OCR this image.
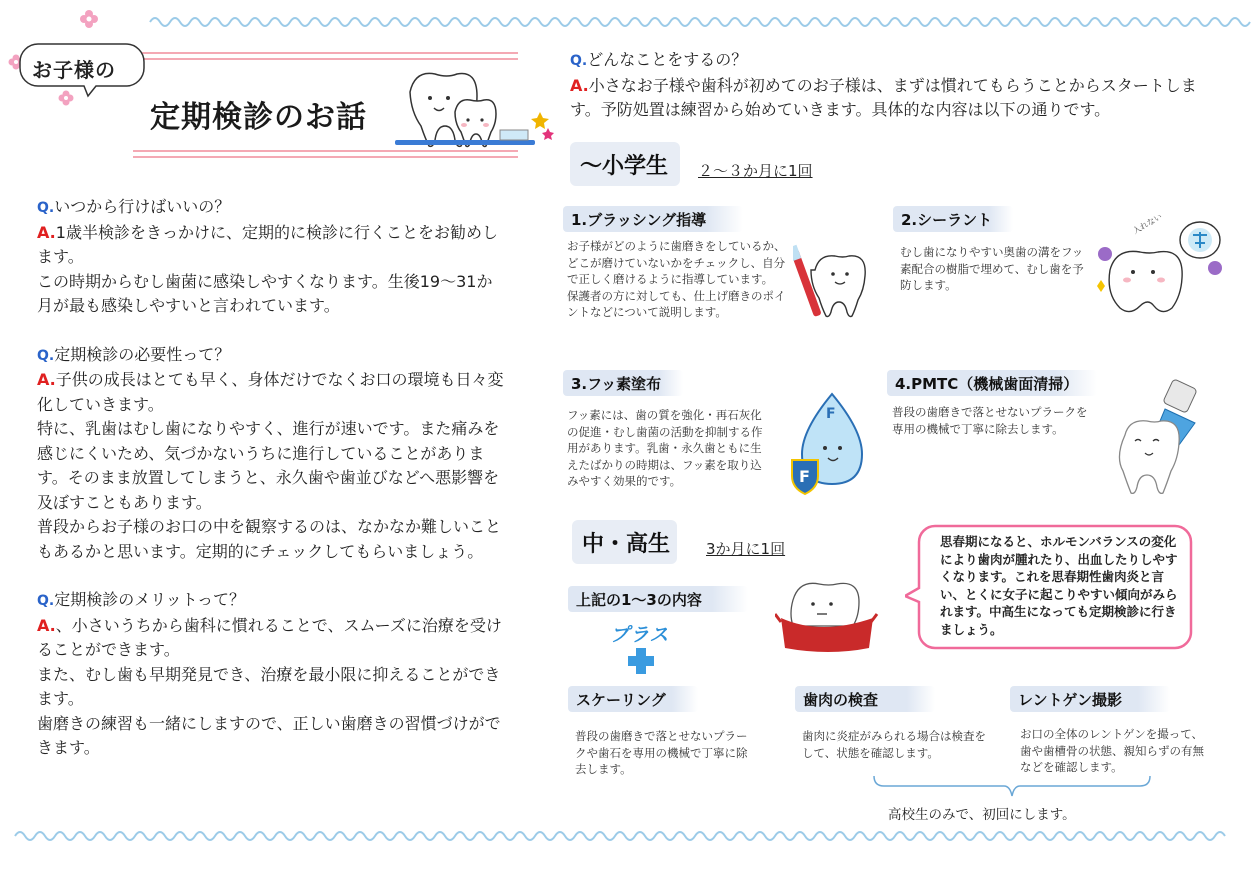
お子様の
定期検診のお話
Q.いつから行けばいいの？
A.1歳半検診をきっかけに、定期的に検診に行くことをお勧めします。
この時期からむし歯菌に感染しやすくなります。生後19～31か月が最も感染しやすいと言われています。
Q.定期検診の必要性って？
A.子供の成長はとても早く、身体だけでなくお口の環境も日々変化していきます。
特に、乳歯はむし歯になりやすく、進行が速いです。また痛みを感じにくいため、気づかないうちに進行していることがあります。そのまま放置してしまうと、永久歯や歯並びなどへ悪影響を及ぼすこともあります。
普段からお子様のお口の中を観察するのは、なかなか難しいこともあるかと思います。定期的にチェックしてもらいましょう。
Q.定期検診のメリットって？
A.、小さいうちから歯科に慣れることで、スムーズに治療を受けることができます。
また、むし歯も早期発見でき、治療を最小限に抑えることができます。
歯磨きの練習も一緒にしますので、正しい歯磨きの習慣づけができます。
Q.どんなことをするの？
A.小さなお子様や歯科が初めてのお子様は、まずは慣れてもらうことからスタートします。予防処置は練習から始めていきます。具体的な内容は以下の通りです。
～小学生 ２～３か月に1回
1.ブラッシング指導
お子様がどのように歯磨きをしているか、どこが磨けていないかをチェックし、自分で正しく磨けるように指導しています。
保護者の方に対しても、仕上げ磨きのポイントなどについて説明します。
2.シーラント
むし歯になりやすい奥歯の溝をフッ素配合の樹脂で埋めて、むし歯を予防します。
入れない
3.フッ素塗布
フッ素には、歯の質を強化・再石灰化の促進・むし歯菌の活動を抑制する作用があります。乳歯・永久歯ともに生えたばかりの時期は、フッ素を取り込みやすく効果的です。
F
F
4.PMTC（機械歯面清掃）
普段の歯磨きで落とせないプラークを専用の機械で丁寧に除去します。
中・高生 3か月に1回
上記の1～3の内容
プラス
思春期になると、ホルモンバランスの変化により歯肉が腫れたり、出血したりしやすくなります。これを思春期性歯肉炎と言い、とくに女子に起こりやすい傾向がみられます。中高生になっても定期検診に行きましょう。
スケーリング
普段の歯磨きで落とせないプラークや歯石を専用の機械で丁寧に除去します。
歯肉の検査
歯肉に炎症がみられる場合は検査をして、状態を確認します。
レントゲン撮影
お口の全体のレントゲンを撮って、歯や歯槽骨の状態、親知らずの有無などを確認します。
高校生のみで、初回にします。
